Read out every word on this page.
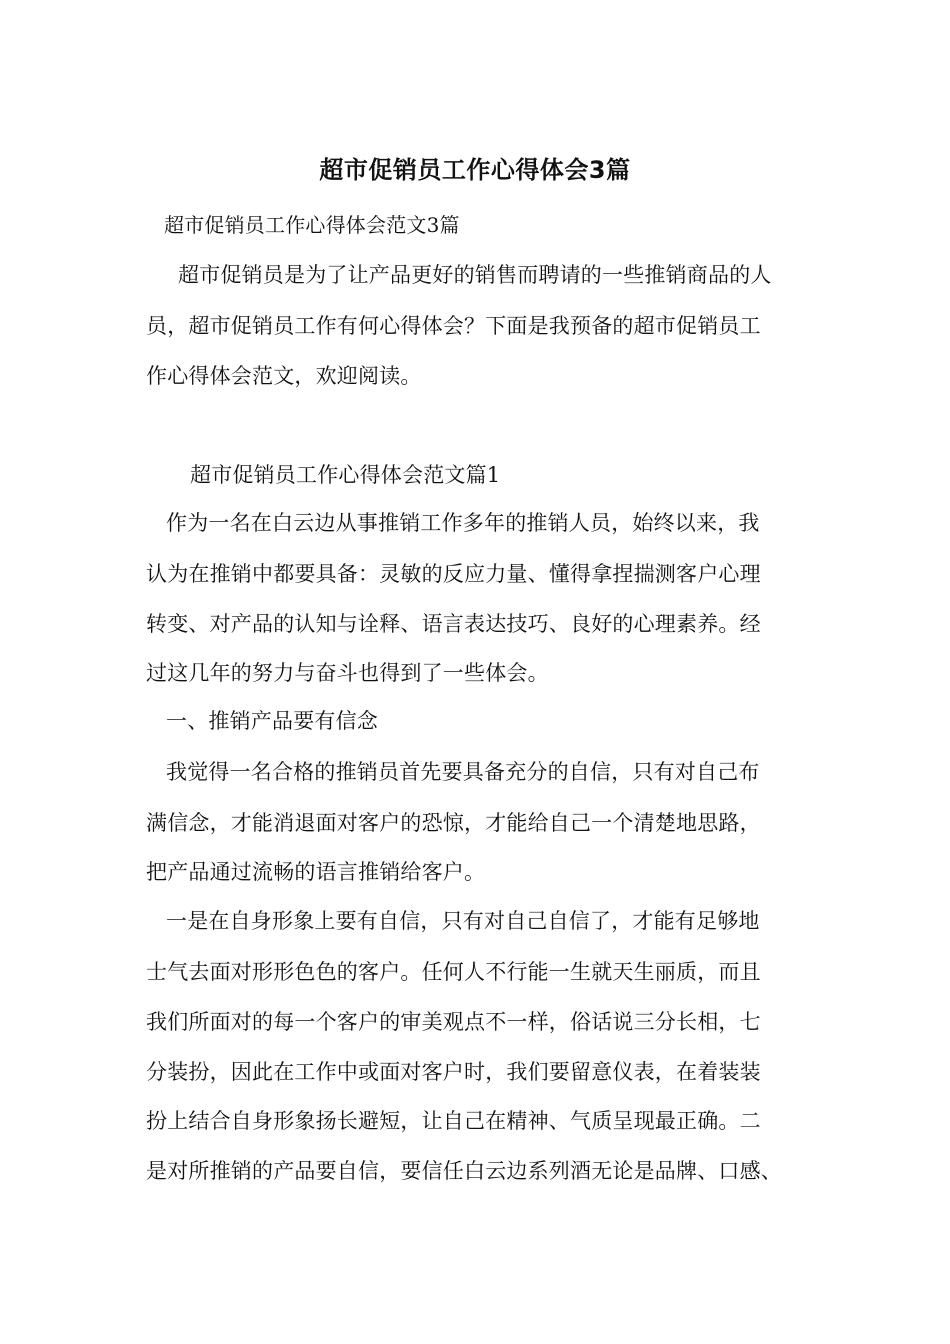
超市促销员工作心得体会3篇
超市促销员工作心得体会范文3篇
超市促销员是为了让产品更好的销售而聘请的一些推销商品的人
员，超市促销员工作有何心得体会？下面是我预备的超市促销员工
作心得体会范文，欢迎阅读。
超市促销员工作心得体会范文篇1
作为一名在白云边从事推销工作多年的推销人员，始终以来，我
认为在推销中都要具备：灵敏的反应力量、懂得拿捏揣测客户心理
转变、对产品的认知与诠释、语言表达技巧、良好的心理素养。经
过这几年的努力与奋斗也得到了一些体会。
一、推销产品要有信念
我觉得一名合格的推销员首先要具备充分的自信，只有对自己布
满信念，才能消退面对客户的恐惊，才能给自己一个清楚地思路，
把产品通过流畅的语言推销给客户。
一是在自身形象上要有自信，只有对自己自信了，才能有足够地
士气去面对形形色色的客户。任何人不行能一生就天生丽质，而且
我们所面对的每一个客户的审美观点不一样，俗话说三分长相，七
分装扮，因此在工作中或面对客户时，我们要留意仪表，在着装装
扮上结合自身形象扬长避短，让自己在精神、气质呈现最正确。二
是对所推销的产品要自信，要信任白云边系列酒无论是品牌、口感、
